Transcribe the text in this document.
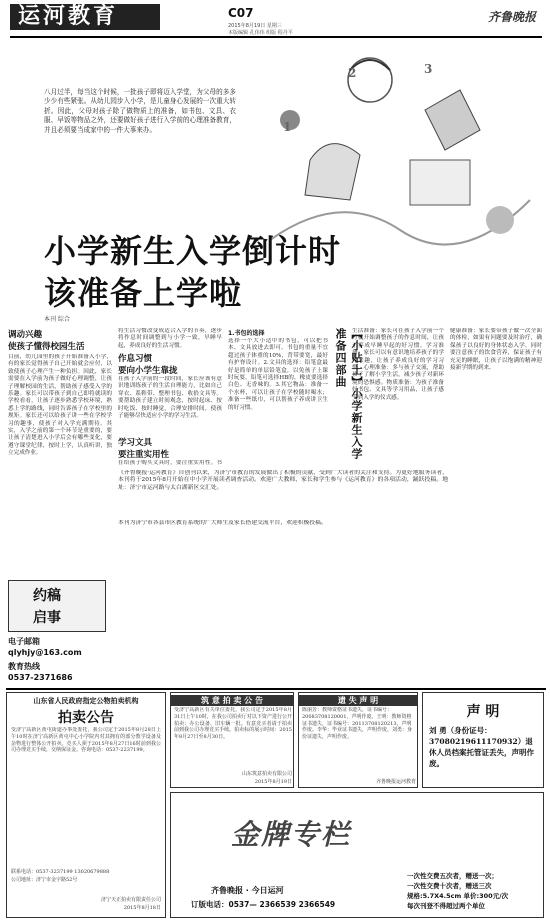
运河教育	C07
2015年8月19日 星期三
本版编辑 孔伟伟 组版 程丹平
齐鲁晚报
八月过半，每当这个时候，一批孩子即将迈入学堂，为父母的多多少少有些紧张。从幼儿园步入小学，是儿童身心发展的一次重大转折。因此，父母对孩子除了做物质上的准备，如书包、文具、衣服、早饭等物品之外，还要做好孩子进行入学前的心理准备教育，并且必须要当成家中的一件大事来办。	1
2	3
小学新生入学倒计时
该准备上学啦
本刊 综合
调动兴趣
使孩子懂得校园生活
目前，幼儿园里的孩子开始准备入小学，有的家长觉得孩子自己开始就会应付，以致使孩子心理产生一种负担。因此，家长需要在入学前为孩子做好心理调整，让孩子理解校园的生活，帮助孩子感受入学的乐趣。家长可以带孩子到自己即将就读的学校看看，让孩子逐步熟悉学校环境，熟悉上学的路线，同时告诉孩子在学校里的规矩。家长还可以给孩子讲一些在学校学习的趣事，使孩子对入学充满期待。其实，入学之前的第一个环节是重要的，要让孩子清楚进入小学后会有哪些变化，要遵守课堂纪律，按时上学，认真听讲，独立完成作业。
将生活习惯改变成适合入学的节奏，逐步将作息时间调整到与小学一致，早睡早起，养成良好的生活习惯。
作息习惯
要向小学生靠拢
在孩子入学前的一段时间，家长应该有意识地训练孩子的生活自理能力，比如自己穿衣、系鞋带、整理书包、收拾文具等。要帮助孩子建立时间观念，按时起床、按时吃饭、按时睡觉，合理安排时间，使孩子能够尽快适应小学的学习生活。
学习文具
要注重实用性
在给孩子购买文具时，要注重实用性。书
1.书包的选择
选择一个大小适中的书包，可以把书本、文具放进去即可。书包的重量不宜超过孩子体重的10%，背带要宽，最好有护脊设计。2.文具的选择：铅笔盒最好是简单的单层铅笔盒，以免孩子上课时玩耍。铅笔可选择HB的，橡皮要选择白色、无香味的。3.其它物品：准备一个水杯，可以让孩子在学校随时喝水；准备一些纸巾，可以帮孩子养成讲卫生的好习惯。	【小贴士】小学新生入学准备四部曲 生活准备：家长可在孩子入学前一个月就开始调整孩子的作息时间，让孩子养成早睡早起的好习惯。学习准备：家长可以有意识地培养孩子的学习兴趣，让孩子养成良好的学习习惯。心理准备：多与孩子交流，帮助孩子了解小学生活，减少孩子对新环境的恐惧感。物质准备：为孩子准备好书包、文具等学习用品，让孩子感受到入学的仪式感。
健康准备：家长要带孩子做一次全面的体检，如果有问题要及时治疗，确保孩子以良好的身体状态入学。同时要注意孩子的饮食营养，保证孩子有充足的睡眠，让孩子以饱满的精神迎接新学期的到来。
《齐鲁晚报·运河教育》自创刊以来，为济宁市教育的发展做出了积极的贡献，受到广大读者的关注和支持。为更好地服务读者，本刊将于2015年8月开始在中小学开展读者调查活动。欢迎广大教师、家长和学生参与《运河教育》的各项活动，踊跃投稿。地址：济宁市运河路与太白湖新区交汇处。
本刊为济宁市各县市区教育系统的广大师生及家长搭建交流平台，欢迎积极投稿。
约稿
启事
电子邮箱
qlyhjy@163.com
教育热线
0537-2371686
山东省人民政府指定公物拍卖机构
拍卖公告
受济宁高新区黄屯街道办事处委托，我公司定于2015年8月28日上午10时在济宁高新区黄屯中心小学院内对其拥有的部分教学设备及杂物进行整体公开拍卖。竞买人须于2015年8月27日16时前到我公司办理竞买手续，交纳保证金。咨询电话：0537-2237199。
联系电话：0537-3237199 13020679888
公司地址：济宁市金宇路52号
济宁天正拍卖有限责任公司
2015年8月18日
筑 意 拍 卖 公 告
受济宁高新区有关单位委托，我公司定于2015年8月31日上午10时，在我公司拍卖厅对以下资产进行公开拍卖：办公设备、旧车辆一批。有意竞买者请于拍卖前到我公司办理竞买手续。拍卖标的展示时间：2015年8月27日至8月30日。
山东筑意拍卖有限公司
2015年8月19日
遗 失 声 明
陈丽芳：教师资格证书遗失，证书编号：20083708120001，声明作废。王明：教师资格证书遗失，证书编号：20113708120213，声明作废。李华：毕业证书遗失，声明作废。刘勇：身份证遗失，声明作废。
齐鲁晚报运河教育
声 明
刘 勇（身份证号：37080219611170932）退休人员档案托管证丢失，声明作废。
金牌专栏
齐鲁晚报 · 今日运河
订版电话：0537— 2366539 2366549
一次性交费五次者，赠送一次；
一次性交费十次者，赠送三次
规格:5.7X4.5cm 单价:300元/次
每次刊登不得超过两个单位
